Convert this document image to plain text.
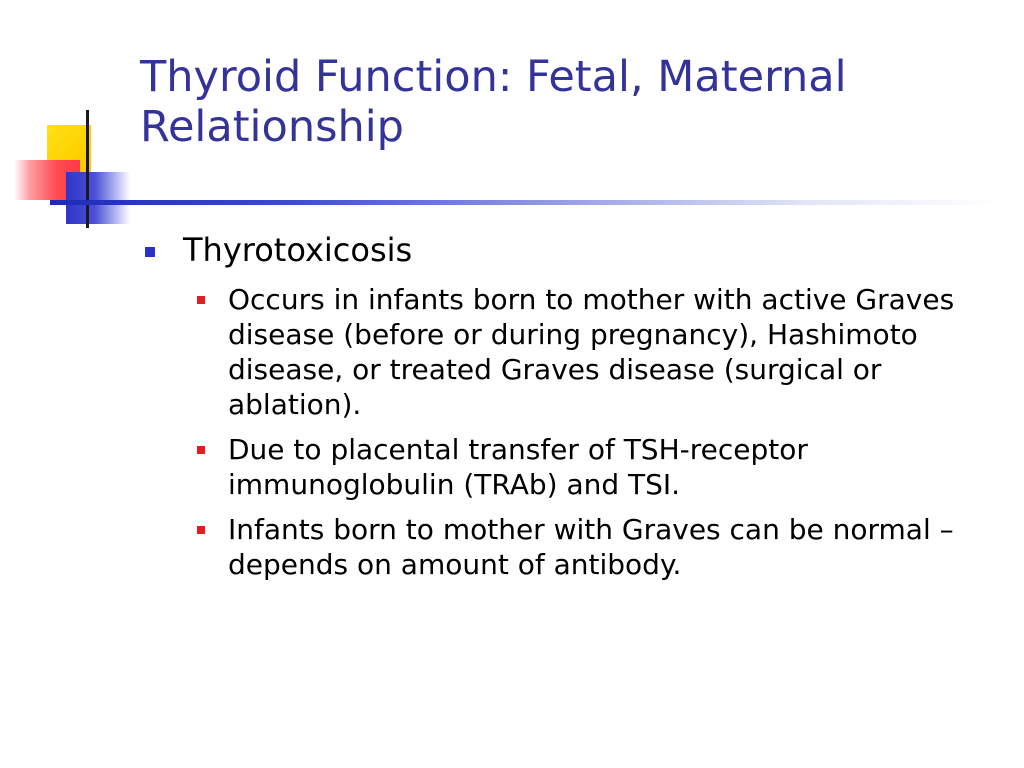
Thyroid Function: Fetal, Maternal
Relationship
Thyrotoxicosis
Occurs in infants born to mother with active Graves disease (before or during pregnancy), Hashimoto disease, or treated Graves disease (surgical or ablation).
Due to placental transfer of TSH-receptor immunoglobulin (TRAb) and TSI.
Infants born to mother with Graves can be normal – depends on amount of antibody.
